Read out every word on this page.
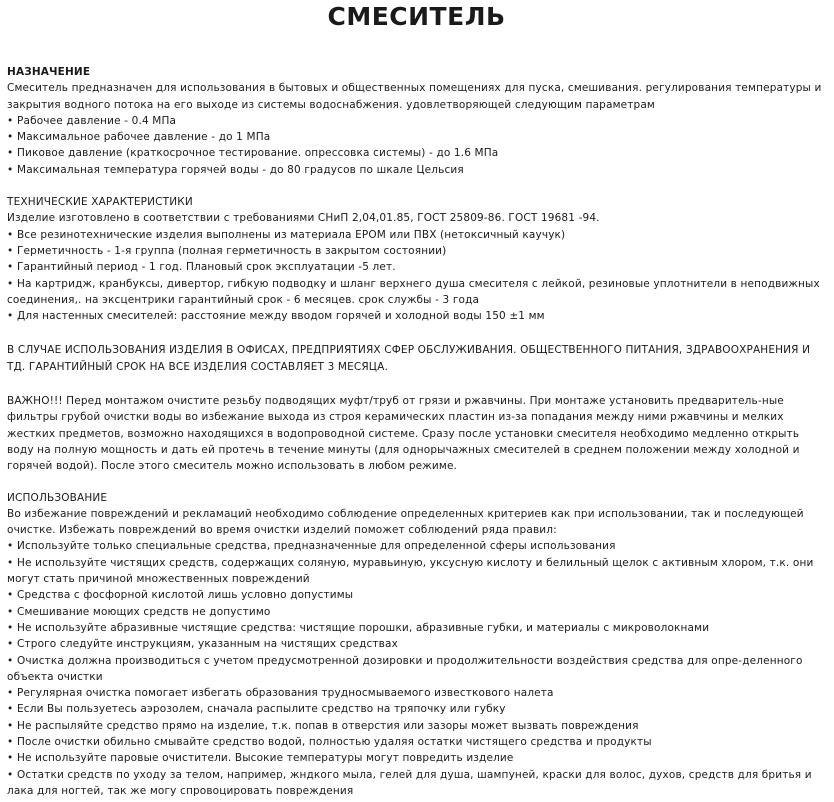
СМЕСИТЕЛЬ

НАЗНАЧЕНИЕ

Смеситель предназначен для использования в бытовых и общественных помещениях для пуска, смешивания. регулирования температуры и закрытия водного потока на его выходе из системы водоснабжения. удовлетворяющей следующим параметрам

• Рабочее давление - 0.4 МПа
• Максимальное рабочее давление - до 1 МПа
• Пиковое давление (краткосрочное тестирование. опрессовка системы) - до 1.6 МПа
• Максимальная температура горячей воды - до 80 градусов по шкале Цельсия

ТЕХНИЧЕСКИЕ ХАРАКТЕРИСТИКИ

Изделие изготовлено в соответствии с требованиями СНиП 2,04,01.85, ГОСТ 25809-86. ГОСТ 19681 -94.

• Все резинотехнические изделия выполнены из материала EPOM или ПВХ (нетоксичный каучук)
• Герметичность - 1-я группа (полная герметичность в закрытом состоянии)
• Гарантийный период - 1 год. Плановый срок эксплуатации -5 лет.
• На картридж, кранбуксы, дивертор, гибкую подводку и шланг верхнего душа смесителя с лейкой, резиновые уплотнители в неподвижных соединения,. на эксцентрики гарантийный срок - 6 месяцев. срок службы - 3 года
• Для настенных смесителей: расстояние между вводом горячей и холодной воды 150 ±1 мм

В СЛУЧАЕ ИСПОЛЬЗОВАНИЯ ИЗДЕЛИЯ В ОФИСАХ, ПРЕДПРИЯТИЯХ СФЕР ОБСЛУЖИВАНИЯ. ОБЩЕСТВЕННОГО ПИТАНИЯ, ЗДРАВООХРАНЕНИЯ И ТД. ГАРАНТИЙНЫЙ СРОК НА ВСЕ ИЗДЕЛИЯ СОСТАВЛЯЕТ 3 МЕСЯЦА.

ВАЖНО!!! Перед монтажом очистите резьбу подводящих муфт/труб от грязи и ржавчины. При монтаже установить предваритель-ные фильтры грубой очистки воды во избежание выхода из строя керамических пластин из-за попадания между ними ржавчины и мелких жестких предметов, возможно находящихся в водопроводной системе. Сразу после установки смесителя необходимо медленно открыть воду на полную мощность и дать ей протечь в течение минуты (для однорычажных смесителей в среднем положении между холодной и горячей водой). После этого смеситель можно использовать в любом режиме.

ИСПОЛЬЗОВАНИЕ

Во избежание повреждений и рекламаций необходимо соблюдение определенных критериев как при использовании, так и последующей очистке. Избежать повреждений во время очистки изделий поможет соблюдений ряда правил:

• Используйте только специальные средства, предназначенные для определенной сферы использования
• Не используйте чистящих средств, содержащих соляную, муравьиную, уксусную кислоту и белильный щелок с активным хлором, т.к. они могут стать причиной множественных повреждений
• Средства с фосфорной кислотой лишь условно допустимы
• Смешивание моющих средств не допустимо
• Не используйте абразивные чистящие средства: чистящие порошки, абразивные губки, и материалы с микроволокнами
• Строго следуйте инструкциям, указанным на чистящих средствах
• Очистка должна производиться с учетом предусмотренной дозировки и продолжительности воздействия средства для опре-деленного объекта очистки
• Регулярная очистка помогает избегать образования трудносмываемого известкового налета
• Если Вы пользуетесь аэрозолем, сначала распылите средство на тряпочку или губку
• Не распыляйте средство прямо на изделие, т.к. попав в отверстия или зазоры может вызвать повреждения
• После очистки обильно смывайте средство водой, полностью удаляя остатки чистящего средства и продукты
• Не используйте паровые очистители. Высокие температуры могут повредить изделие
• Остатки средств по уходу за телом, например, жндкого мыла, гелей для душа, шампуней, краски для волос, духов, средств для бритья и лака для ногтей, так же могу спровоцировать повреждения
